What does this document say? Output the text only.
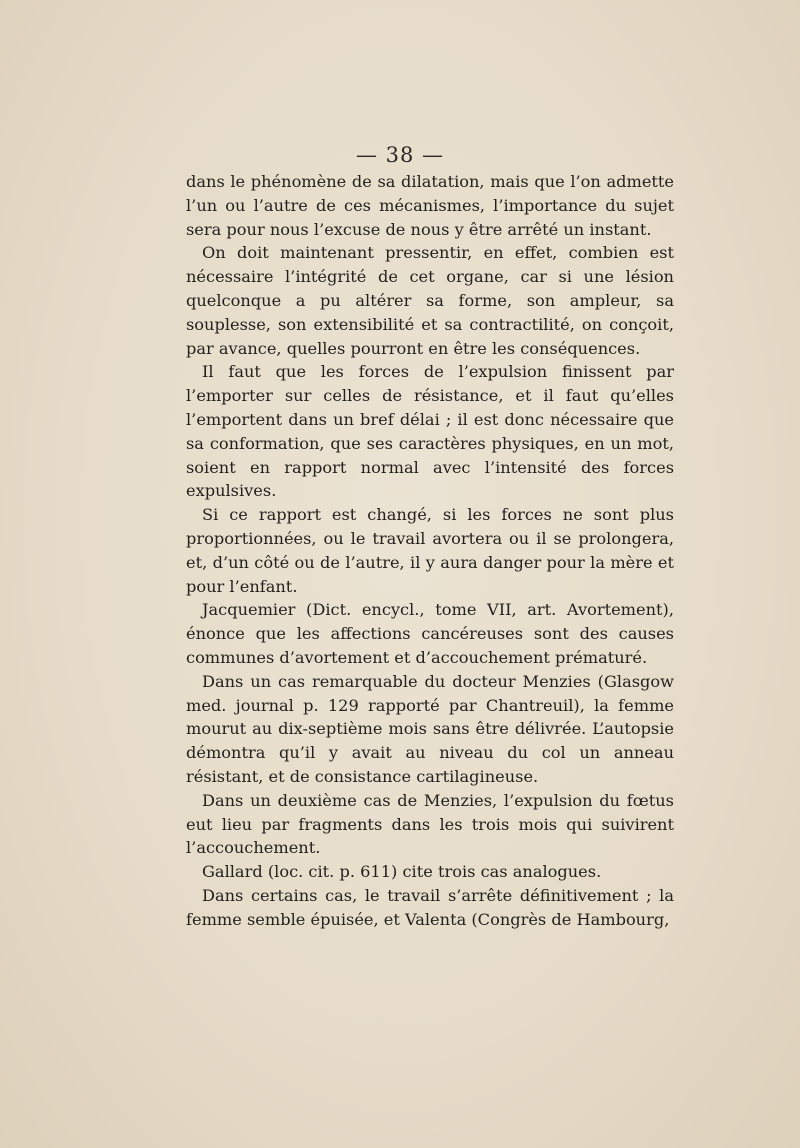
— 38 —

dans le phénomène de sa dilatation, mais que l’on admette l’un ou l’autre de ces mécanismes, l’importance du sujet sera pour nous l’excuse de nous y être arrêté un instant.

On doit maintenant pressentir, en effet, combien est nécessaire l’intégrité de cet organe, car si une lésion quelconque a pu altérer sa forme, son ampleur, sa souplesse, son extensibilité et sa contractilité, on conçoit, par avance, quelles pourront en être les conséquences.

Il faut que les forces de l’expulsion finissent par l’emporter sur celles de résistance, et il faut qu’elles l’emportent dans un bref délai ; il est donc nécessaire que sa conformation, que ses caractères physiques, en un mot, soient en rapport normal avec l’intensité des forces expulsives.

Si ce rapport est changé, si les forces ne sont plus proportionnées, ou le travail avortera ou il se prolongera, et, d’un côté ou de l’autre, il y aura danger pour la mère et pour l’enfant.

Jacquemier (Dict. encycl., tome VII, art. Avortement), énonce que les affections cancéreuses sont des causes communes d’avortement et d’accouchement prématuré.

Dans un cas remarquable du docteur Menzies (Glasgow med. journal p. 129 rapporté par Chantreuil), la femme mourut au dix-septième mois sans être délivrée. L’autopsie démontra qu’il y avait au niveau du col un anneau résistant, et de consistance cartilagineuse.

Dans un deuxième cas de Menzies, l’expulsion du fœtus eut lieu par fragments dans les trois mois qui suivirent l’accouchement.

Gallard (loc. cit. p. 611) cite trois cas analogues.

Dans certains cas, le travail s’arrête définitivement ; la femme semble épuisée, et Valenta (Congrès de Hambourg,
